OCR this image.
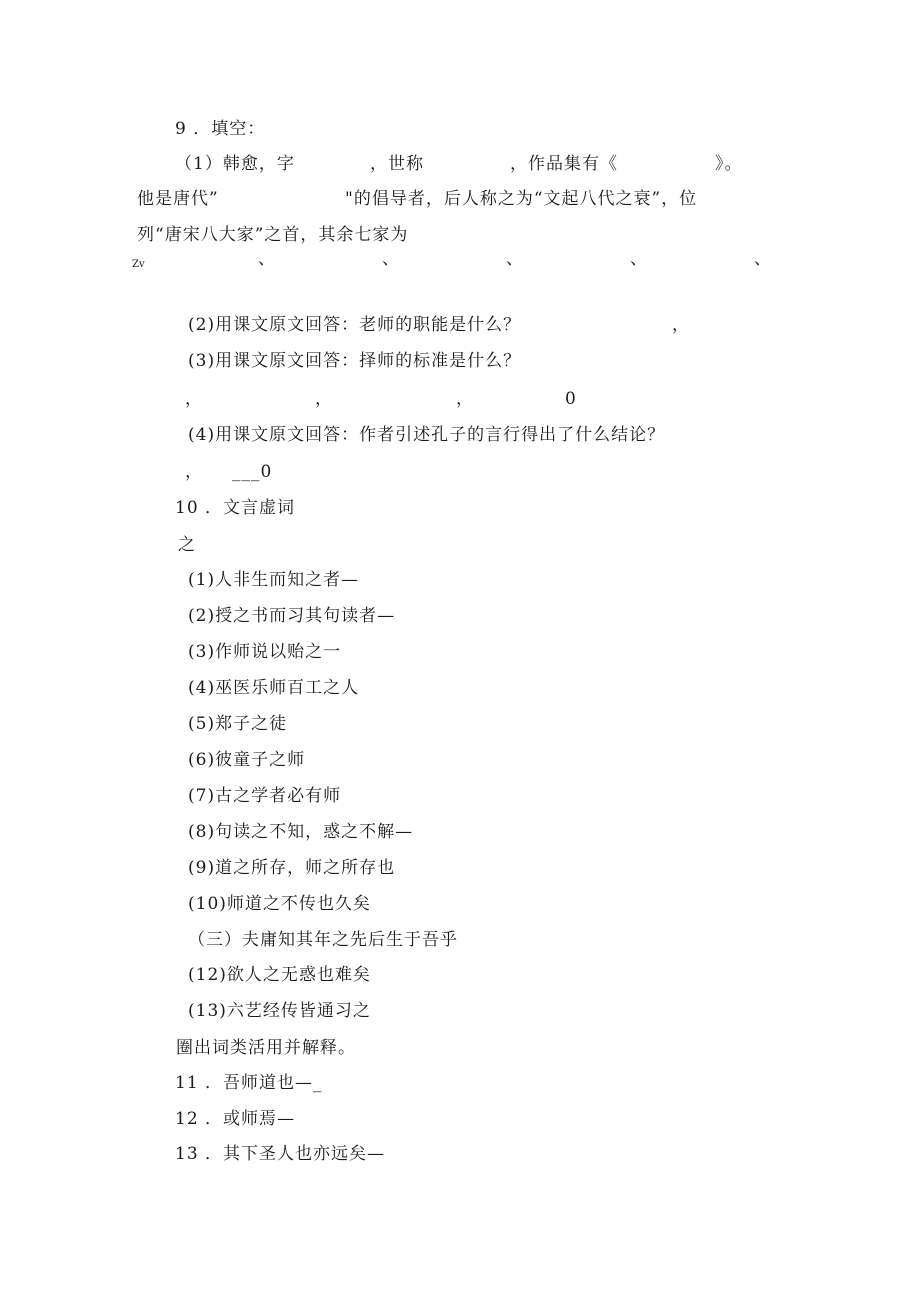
9 ．填空：
（1）韩愈，字	，世称	，作品集有《	》。
他是唐代”	"的倡导者，后人称之为“文起八代之衰”，位
列“唐宋八大家”之首，其余七家为
Zv	、	、	、	、	、
(2)用课文原文回答：老师的职能是什么？	，
(3)用课文原文回答：择师的标准是什么？
，	，	，	0
(4)用课文原文回答：作者引述孔子的言行得出了什么结论？
， ___0
10 ．文言虚词
之
(1)人非生而知之者—
(2)授之书而习其句读者—
(3)作师说以贻之一
(4)巫医乐师百工之人
(5)郑子之徒
(6)彼童子之师
(7)古之学者必有师
(8)句读之不知，惑之不解—
(9)道之所存，师之所存也
(10)师道之不传也久矣
（三）夫庸知其年之先后生于吾乎
(12)欲人之无惑也难矣
(13)六艺经传皆通习之
圈出词类活用并解释。
11 ．吾师道也—_
12 ．或师焉—
13 ．其下圣人也亦远矣—
